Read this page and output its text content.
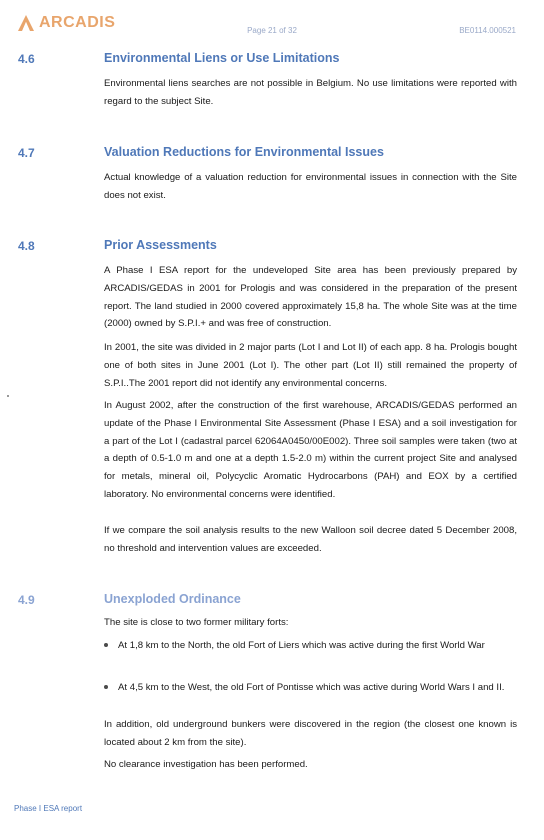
ARCADIS	Page 21 of 32	BE0114.000521
4.6	Environmental Liens or Use Limitations

Environmental liens searches are not possible in Belgium. No use limitations were reported with regard to the subject Site.

4.7	Valuation Reductions for Environmental Issues

Actual knowledge of a valuation reduction for environmental issues in connection with the Site does not exist.

4.8	Prior Assessments

A Phase I ESA report for the undeveloped Site area has been previously prepared by ARCADIS/GEDAS in 2001 for Prologis and was considered in the preparation of the present report. The land studied in 2000 covered approximately 15,8 ha. The whole Site was at the time (2000) owned by S.P.I.+ and was free of construction.

In 2001, the site was divided in 2 major parts (Lot I and Lot II) of each app. 8 ha. Prologis bought one of both sites in June 2001 (Lot I). The other part (Lot II) still remained the property of S.P.I..The 2001 report did not identify any environmental concerns.

In August 2002, after the construction of the first warehouse, ARCADIS/GEDAS performed an update of the Phase I Environmental Site Assessment (Phase I ESA) and a soil investigation for a part of the Lot I (cadastral parcel 62064A0450/00E002). Three soil samples were taken (two at a depth of 0.5-1.0 m and one at a depth 1.5-2.0 m) within the current project Site and analysed for metals, mineral oil, Polycyclic Aromatic Hydrocarbons (PAH) and EOX by a certified laboratory. No environmental concerns were identified.

If we compare the soil analysis results to the new Walloon soil decree dated 5 December 2008, no threshold and intervention values are exceeded.

4.9	Unexploded Ordinance

The site is close to two former military forts:

At 1,8 km to the North, the old Fort of Liers which was active during the first World War

At 4,5 km to the West, the old Fort of Pontisse which was active during World Wars I and II.

In addition, old underground bunkers were discovered in the region (the closest one known is located about 2 km from the site).

No clearance investigation has been performed.

Phase I ESA report
